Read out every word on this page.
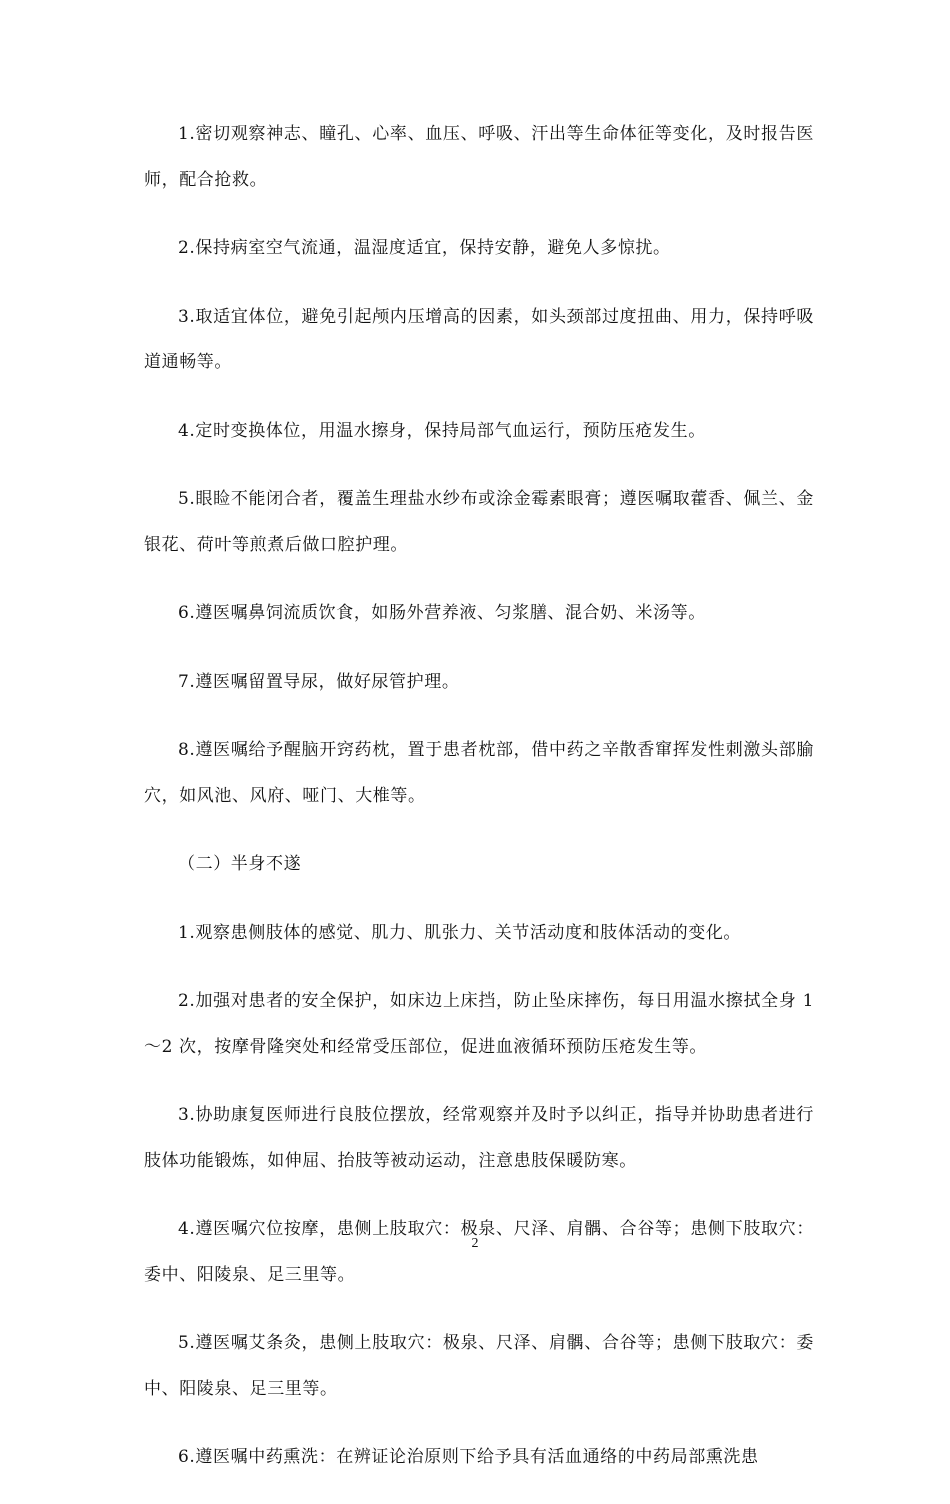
1.密切观察神志、瞳孔、心率、血压、呼吸、汗出等生命体征等变化，及时报告医师，配合抢救。

2.保持病室空气流通，温湿度适宜，保持安静，避免人多惊扰。

3.取适宜体位，避免引起颅内压增高的因素，如头颈部过度扭曲、用力，保持呼吸道通畅等。

4.定时变换体位，用温水擦身，保持局部气血运行，预防压疮发生。

5.眼睑不能闭合者，覆盖生理盐水纱布或涂金霉素眼膏；遵医嘱取藿香、佩兰、金银花、荷叶等煎煮后做口腔护理。

6.遵医嘱鼻饲流质饮食，如肠外营养液、匀浆膳、混合奶、米汤等。

7.遵医嘱留置导尿，做好尿管护理。

8.遵医嘱给予醒脑开窍药枕，置于患者枕部，借中药之辛散香窜挥发性刺激头部腧穴，如风池、风府、哑门、大椎等。

（二）半身不遂

1.观察患侧肢体的感觉、肌力、肌张力、关节活动度和肢体活动的变化。

2.加强对患者的安全保护，如床边上床挡，防止坠床摔伤，每日用温水擦拭全身 1～2 次，按摩骨隆突处和经常受压部位，促进血液循环预防压疮发生等。

3.协助康复医师进行良肢位摆放，经常观察并及时予以纠正，指导并协助患者进行肢体功能锻炼，如伸屈、抬肢等被动运动，注意患肢保暖防寒。

4.遵医嘱穴位按摩，患侧上肢取穴：极泉、尺泽、肩髃、合谷等；患侧下肢取穴：委中、阳陵泉、足三里等。

5.遵医嘱艾条灸，患侧上肢取穴：极泉、尺泽、肩髃、合谷等；患侧下肢取穴：委中、阳陵泉、足三里等。

6.遵医嘱中药熏洗：在辨证论治原则下给予具有活血通络的中药局部熏洗患

2
